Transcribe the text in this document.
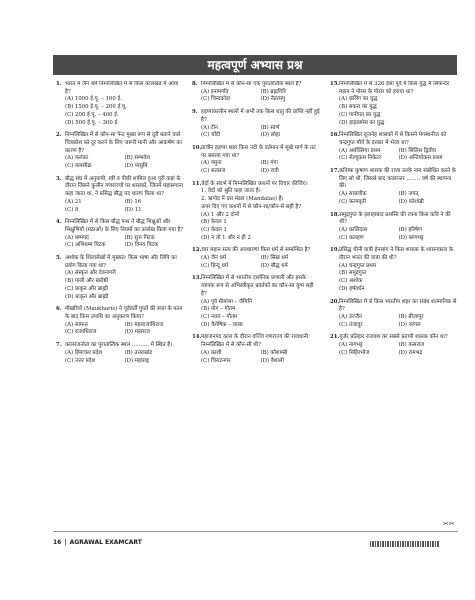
महत्वपूर्ण अभ्यास प्रश्न
1. भारत में जैन धर्म निम्नलिखित में से किस कालखंड में आया है?
(A) 1000 ई.पू. – 100 ई.
(B) 1500 ई.पू. – 200 ई.पू.
(C) 200 ई.पू. – 400 ई.
(D) 500 ई.पू. – 300 ई.
2. निम्नलिखित में से कौन-सा पेन्ट मुख्य रूप से दूरी बताने वाले चित्रकोश को दूर करने के लिए जरूरी मानी और आकर्षण का कारण है?
(A) कलंका	(B) सम्भवेश
(C) कमसीक्र	(D) पासुमि
3. बौद्ध संघ में अनुयायी, स्त्री व पीछी शामिल हुआ पूरी कहां के दौरान जिसने कुलीन गणराज्यों पर शासकों, जिनमें महासगाना कहा जाता था, ने प्रसिद्ध बौद्ध पद धारण किया था?
(A) 21	(B) 16
(C) 8	(D) 11
4. निम्नलिखित में से किस बौद्ध पन्थ ने बौद्ध भिक्षुओं और भिक्षुणियों (मठाओं) के लिए नियमों का उल्लेख किया गया है?
(A) धम्मपद	(B) सुत्त पिटक
(C) अभिधम्म पिटक	(D) विनय पिटक
5. अशोक के शिलालेखों में मुख्यत: किस भाषा और लिपि का प्रयोग किया गया था?
(A) संस्कृत और देवनागरी
(B) पाली और खरोष्ठी
(C) प्राकृत और ब्राह्मी
(D) प्राकृत और ब्राह्मी
6. मौखरियों (Maukharis) ने पूर्ववर्ती गुप्तों की सत्ता के पतन के बाद किस उपाधि का अनुकरण किया?
(A) सामन्त	(B) महाराजाधिराज
(C) राजाधिराज	(D) महाराज
7. कालरंजनोता का पुरातात्विक स्थल .......... में स्थित है।
(A) हिमाचल प्रदेश	(B) उत्तराखंड
(C) उत्तर प्रदेश	(D) महाराष्ट्र
8. निम्नलिखित में से कौन-सा एक पुरातात्विक स्थल है?
(A) इनामगाँव	(B) ब्रह्मगिरि
(C) चिन्दकोडा	(D) नैडरमपु
9. हड़प्पाकालीन स्थलों में अभी तक किस धातु की प्राप्ति नहीं हुई है?
(A) टीन	(B) स्वर्ण
(C) चाँदी	(D) लोहा
10. प्राचीन हड़प्पा शहर किस नदी के वर्तमान में सूखे मार्ग के तट पर बसाया गया था?
(A) यमुना	(B) गंगा
(C) सतलज	(D) रावी
11. वेदों के संदर्भ में निम्नलिखित कथनों पर विचार कीजिए।
1. वेदों को श्रुति कहा जाता है।
2. ऋग्वेद में दस मंडल (Mandalas) हैं।
ऊपर दिए गए कथनों में से कौन-सा/कौन-से सही है?
(A) 1 और 2 दोनों
(B) केवल 1
(C) केवल 1
(D) न तो 1 और न ही 2
12. चार महान सत्य की अवधारणा किस धर्म से सम्बन्धित है?
(A) जैन धर्म	(B) सिख धर्म
(C) हिन्दू धर्म	(D) बौद्ध धर्म
13. निम्नलिखित में से भारतीय दार्शनिक प्रणाली और इसके व्यापक रूप से अभिस्वीकृत प्रवर्तकों का कौन-सा युग्म सही है?
(A) पूर्व मीमांसा – जैमिनि
(B) योग – गौतम
(C) न्याय – गौतम
(D) वैशेषिक – व्यास
14. महाजनपद काल के दौरान वज्जि गणराज्य की राजधानी निम्नलिखित में से कौन-सी थी?
(A) काशी	(B) कौशाम्बी
(C) चिराटनगर	(D) वैशाली
15. निम्नलिखित में से 326 ईसा पूर्व में किस युद्ध में सिकन्दर महान ने पोरस के पोरस को हराया था?
(A) कलिंग का युद्ध
(B) सकरा का युद्ध
(C) पानीपत का युद्ध
(D) हाइडस्पेस का युद्ध
16. निम्नलिखित दूनानेह शासकों में से किसने मेगस्थनीज को चन्द्रगुप्त मौर्य के दरबार में भेजा था?
(A) अर्थक्लिया प्रथम	(B) सिलिस द्वितीय
(C) सेल्यूकस निकेटर	(D) अन्टियोकस प्रथम
17. कनिष्क कुषाण शासक की राजा उनके नाम संबोधित करने के लिए सो थी, जिससे बाद कालान्तर ........ वर्ष की स्थापना की।
(A) साकवीक	(B) जगत्
(C) कल्पवृती	(D) कोशांब्री
18. समुद्रगुप्त के इलाहाबाद प्रशस्ति की रचना किस कवि ने की थी?
(A) कालिदास	(B) हरिषेण
(C) कलहण	(D) बाणभट्ट
19. प्रसिद्ध चीनी यात्री हेनसांग ने किस शासक के शासनकाल के दौरान भारत की यात्रा की थी?
(A) चन्द्रगुप्त प्रथम
(B) समुद्रगुप्त
(C) अशोक
(D) हर्षवर्धन
20. निम्नलिखित में से किस भारतीय शहर का संबंध शतमानिक से है?
(A) उज्जैन	(B) बीजापुर
(C) तंजावुर	(D) वरंगल
21. गुर्जर प्रतिहार राजवंश का सबसे प्रतापी शासक कौन था?
(A) नागभट्ट	(B) वत्सराज
(C) मिहिरभोज	(D) रामभद्र
✂✂
16 | AGRAWAL EXAMCART
